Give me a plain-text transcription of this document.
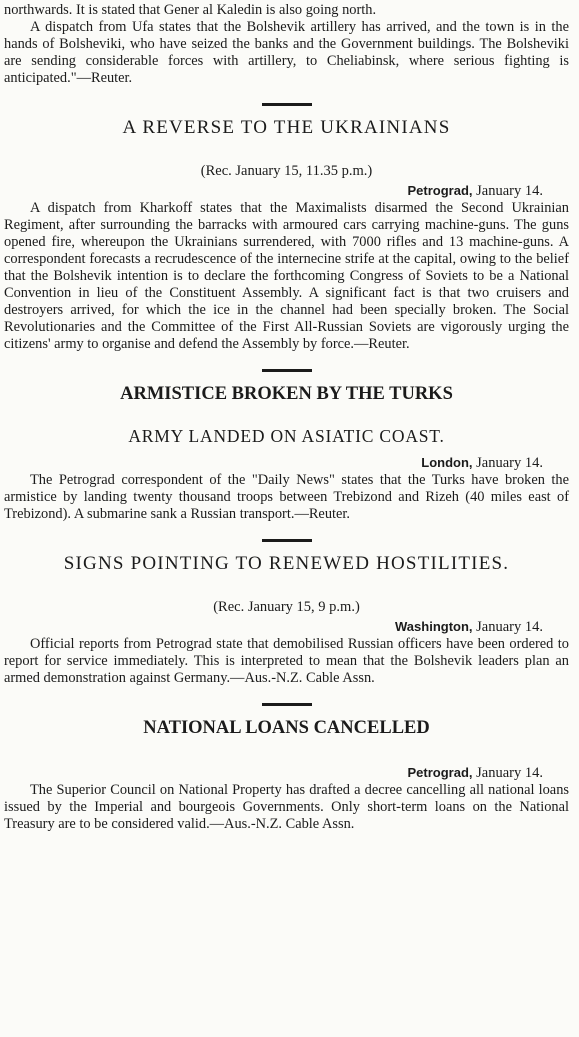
northwards. It is stated that Gener al Kaledin is also going north.

A dispatch from Ufa states that the Bolshevik artillery has arrived, and the town is in the hands of Bolsheviki, who have seized the banks and the Government buildings. The Bolsheviki are sending considerable forces with artillery, to Cheliabinsk, where serious fighting is anticipated."—Reuter.

A REVERSE TO THE UKRAINIANS
(Rec. January 15, 11.35 p.m.)
Petrograd, January 14.

A dispatch from Kharkoff states that the Maximalists disarmed the Second Ukrainian Regiment, after surrounding the barracks with armoured cars carrying machine-guns. The guns opened fire, whereupon the Ukrainians surrendered, with 7000 rifles and 13 machine-guns. A correspondent forecasts a recrudescence of the internecine strife at the capital, owing to the belief that the Bolshevik intention is to declare the forthcoming Congress of Soviets to be a National Convention in lieu of the Constituent Assembly. A significant fact is that two cruisers and destroyers arrived, for which the ice in the channel had been specially broken. The Social Revolutionaries and the Committee of the First All-Russian Soviets are vigorously urging the citizens' army to organise and defend the Assembly by force.—Reuter.

ARMISTICE BROKEN BY THE TURKS
ARMY LANDED ON ASIATIC COAST.
London, January 14.

The Petrograd correspondent of the "Daily News" states that the Turks have broken the armistice by landing twenty thousand troops between Trebizond and Rizeh (40 miles east of Trebizond). A submarine sank a Russian transport.—Reuter.

SIGNS POINTING TO RENEWED HOSTILITIES.
(Rec. January 15, 9 p.m.)
Washington, January 14.

Official reports from Petrograd state that demobilised Russian officers have been ordered to report for service immediately. This is interpreted to mean that the Bolshevik leaders plan an armed demonstration against Germany.—Aus.-N.Z. Cable Assn.

NATIONAL LOANS CANCELLED
Petrograd, January 14.

The Superior Council on National Property has drafted a decree cancelling all national loans issued by the Imperial and bourgeois Governments. Only short-term loans on the National Treasury are to be considered valid.—Aus.-N.Z. Cable Assn.
